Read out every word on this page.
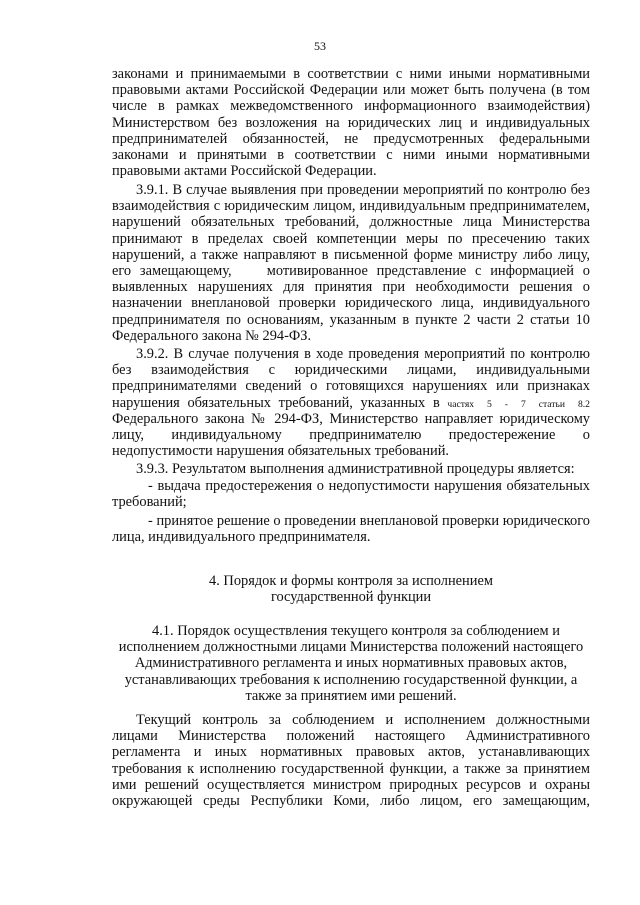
53
законами и принимаемыми в соответствии с ними иными нормативными
правовыми актами Российской Федерации или может быть получена (в том
числе в рамках межведомственного информационного взаимодействия)
Министерством без возложения на юридических лиц и индивидуальных
предпринимателей обязанностей, не предусмотренных федеральными
законами и принятыми в соответствии с ними иными нормативными
правовыми актами Российской Федерации.
3.9.1. В случае выявления при проведении мероприятий по контролю без
взаимодействия с юридическим лицом, индивидуальным предпринимателем,
нарушений обязательных требований, должностные лица Министерства
принимают в пределах своей компетенции меры по пресечению таких
нарушений, а также направляют в письменной форме министру либо лицу,
его замещающему,    мотивированное представление с информацией о
выявленных нарушениях для принятия при необходимости решения о
назначении внеплановой проверки юридического лица, индивидуального
предпринимателя по основаниям, указанным в пункте 2 части 2 статьи 10
Федерального закона № 294-ФЗ.
3.9.2. В случае получения в ходе проведения мероприятий по контролю
без    взаимодействия    с    юридическими    лицами,    индивидуальными
предпринимателями сведений о готовящихся нарушениях или признаках
нарушения обязательных требований, указанных в частях  5  -  7  статьи  8.2
Федерального закона № 294-ФЗ, Министерство направляет юридическому
лицу,    индивидуальному    предпринимателю    предостережение    о
недопустимости нарушения обязательных требований.
3.9.3. Результатом выполнения административной процедуры является:
- выдача предостережения о недопустимости нарушения обязательных
требований;
- принятое решение о проведении внеплановой проверки юридического
лица, индивидуального предпринимателя.
4. Порядок и формы контроля за исполнением
государственной функции
4.1. Порядок осуществления текущего контроля за соблюдением и
исполнением должностными лицами Министерства положений настоящего
Административного регламента и иных нормативных правовых актов,
устанавливающих требования к исполнению государственной функции, а
также за принятием ими решений.
Текущий контроль за соблюдением и исполнением должностными
лицами    Министерства    положений    настоящего    Административного
регламента и иных нормативных правовых актов, устанавливающих
требования к исполнению государственной функции, а также за принятием
ими решений осуществляется министром природных ресурсов и охраны
окружающей среды Республики Коми, либо лицом, его замещающим,
